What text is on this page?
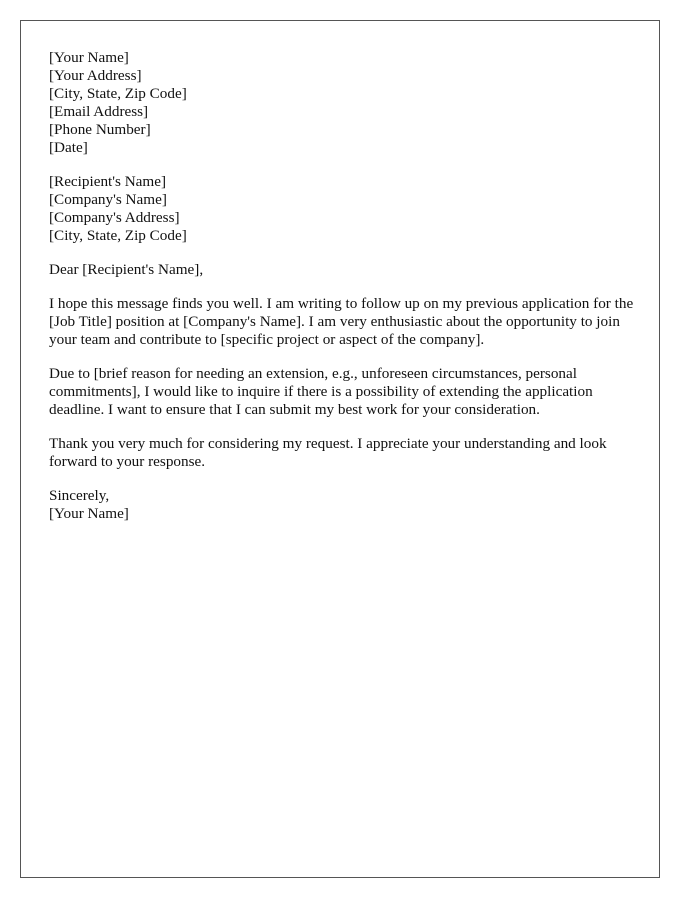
[Your Name]
[Your Address]
[City, State, Zip Code]
[Email Address]
[Phone Number]
[Date]
[Recipient's Name]
[Company's Name]
[Company's Address]
[City, State, Zip Code]

Dear [Recipient's Name],

I hope this message finds you well. I am writing to follow up on my previous application for the [Job Title] position at [Company's Name]. I am very enthusiastic about the opportunity to join your team and contribute to [specific project or aspect of the company].

Due to [brief reason for needing an extension, e.g., unforeseen circumstances, personal commitments], I would like to inquire if there is a possibility of extending the application deadline. I want to ensure that I can submit my best work for your consideration.

Thank you very much for considering my request. I appreciate your understanding and look forward to your response.

Sincerely,
[Your Name]
